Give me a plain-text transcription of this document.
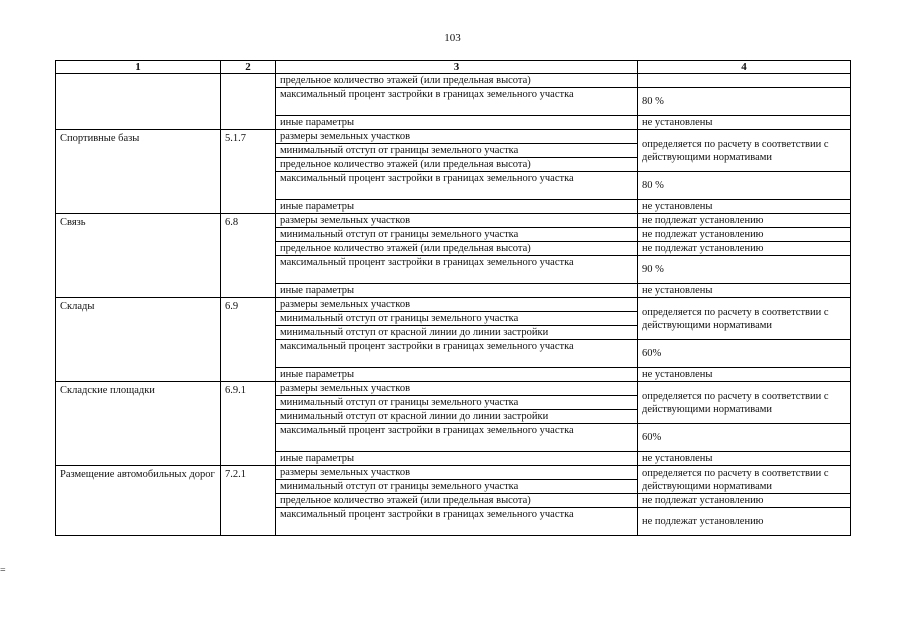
103
=
1	2	3	4
		предельное количество этажей (или предельная высота)	
		максимальный процент застройки в границах земельного участка	80 %
		иные параметры	не установлены
Спортивные базы	5.1.7	размеры земельных участков	определяется по расчету в соответствии с действующими нормативами
		минимальный отступ от границы земельного участка	
		предельное количество этажей (или предельная высота)	
		максимальный процент застройки в границах земельного участка	80 %
		иные параметры	не установлены
Связь	6.8	размеры земельных участков	не подлежат установлению
		минимальный отступ от границы земельного участка	не подлежат установлению
		предельное количество этажей (или предельная высота)	не подлежат установлению
		максимальный процент застройки в границах земельного участка	90 %
		иные параметры	не установлены
Склады	6.9	размеры земельных участков	определяется по расчету в соответствии с действующими нормативами
		минимальный отступ от границы земельного участка	
		минимальный отступ от красной линии до линии застройки	
		максимальный процент застройки в границах земельного участка	60%
		иные параметры	не установлены
Складские площадки	6.9.1	размеры земельных участков	определяется по расчету в соответствии с действующими нормативами
		минимальный отступ от границы земельного участка	
		минимальный отступ от красной линии до линии застройки	
		максимальный процент застройки в границах земельного участка	60%
		иные параметры	не установлены
Размещение автомобильных дорог	7.2.1	размеры земельных участков	определяется по расчету в соответствии с действующими нормативами
		минимальный отступ от границы земельного участка	
		предельное количество этажей (или предельная высота)	не подлежат установлению
		максимальный процент застройки в границах земельного участка	не подлежат установлению
